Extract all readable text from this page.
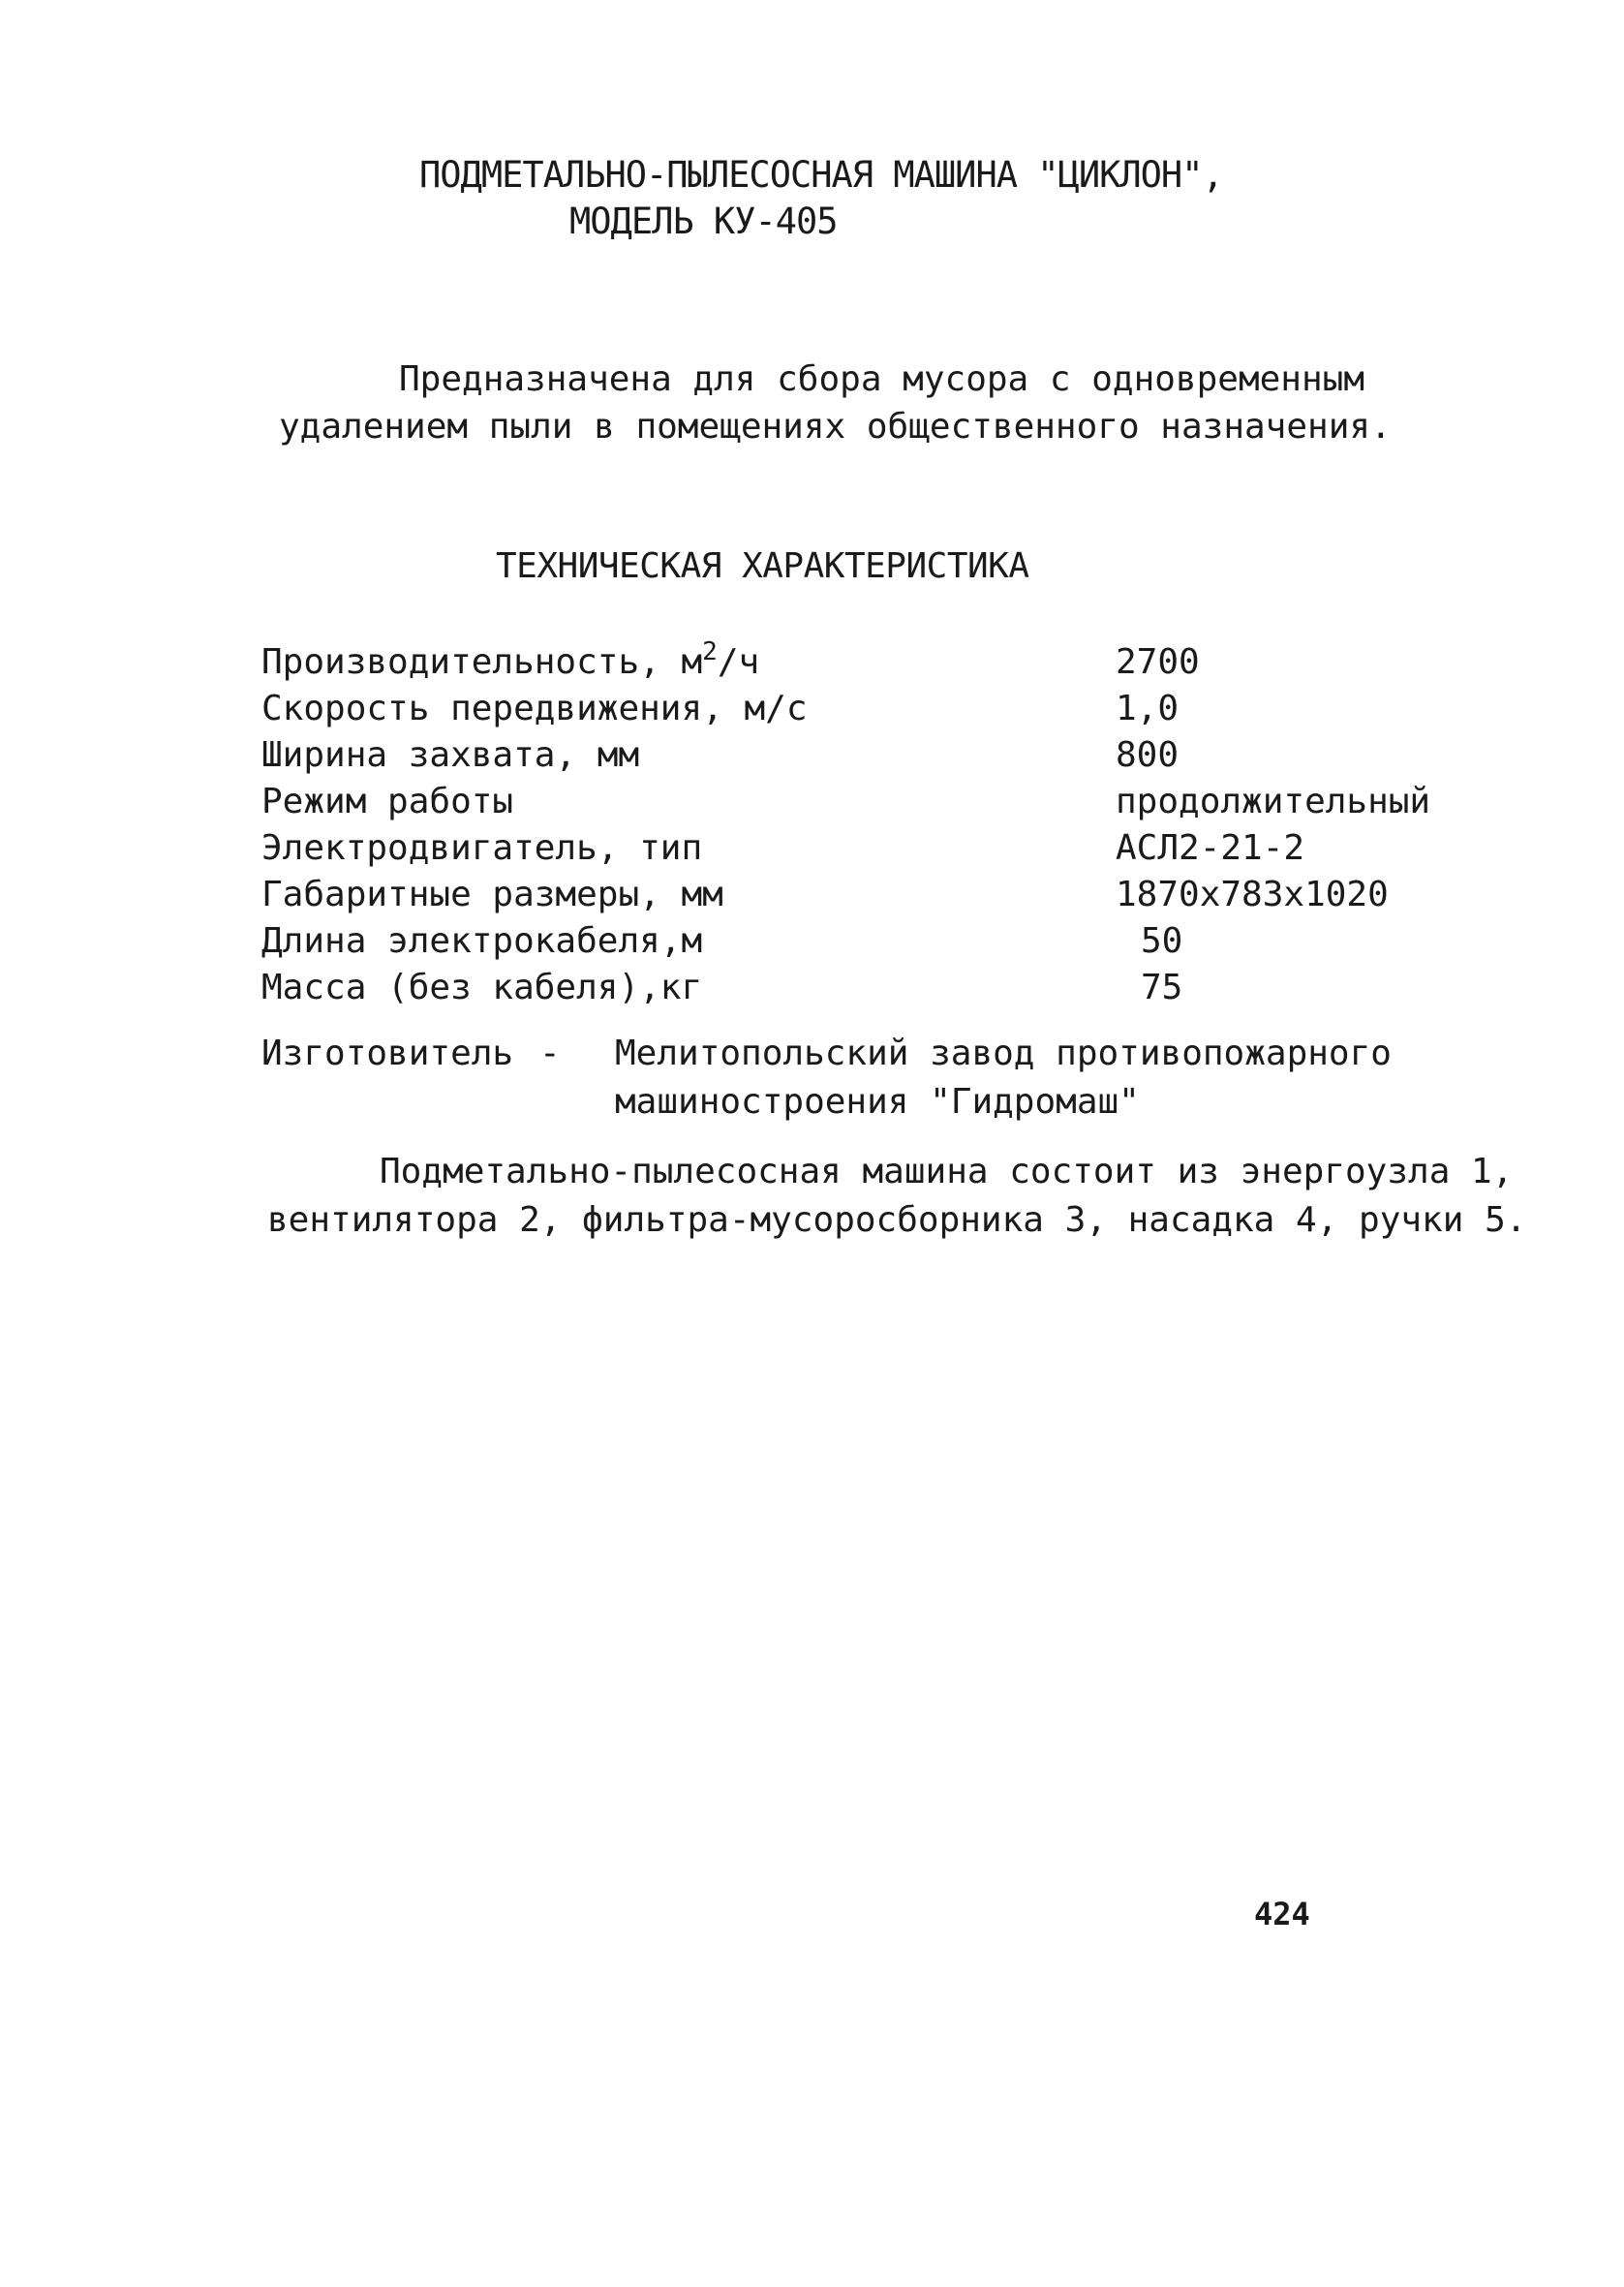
ПОДМЕТАЛЬНО-ПЫЛЕСОСНАЯ МАШИНА "ЦИКЛОН",
МОДЕЛЬ КУ-405
Предназначена для сбора мусора с одновременным
удалением пыли в помещениях общественного назначения.
ТЕХНИЧЕСКАЯ ХАРАКТЕРИСТИКА
Производительность, $м^2/ч$	2700
Скорость передвижения, м/с	1,0
Ширина захвата, мм	800
Режим работы	продолжительный
Электродвигатель, тип	АСЛ2-21-2
Габаритные размеры, мм	1870х783х1020
Длина электрокабеля,м	50
Масса (без кабеля),кг	75
Изготовитель - Мелитопольский завод противопожарного
машиностроения "Гидромаш"
Подметально-пылесосная машина состоит из энергоузла 1,
вентилятора 2, фильтра-мусоросборника 3, насадка 4, ручки 5.
424
